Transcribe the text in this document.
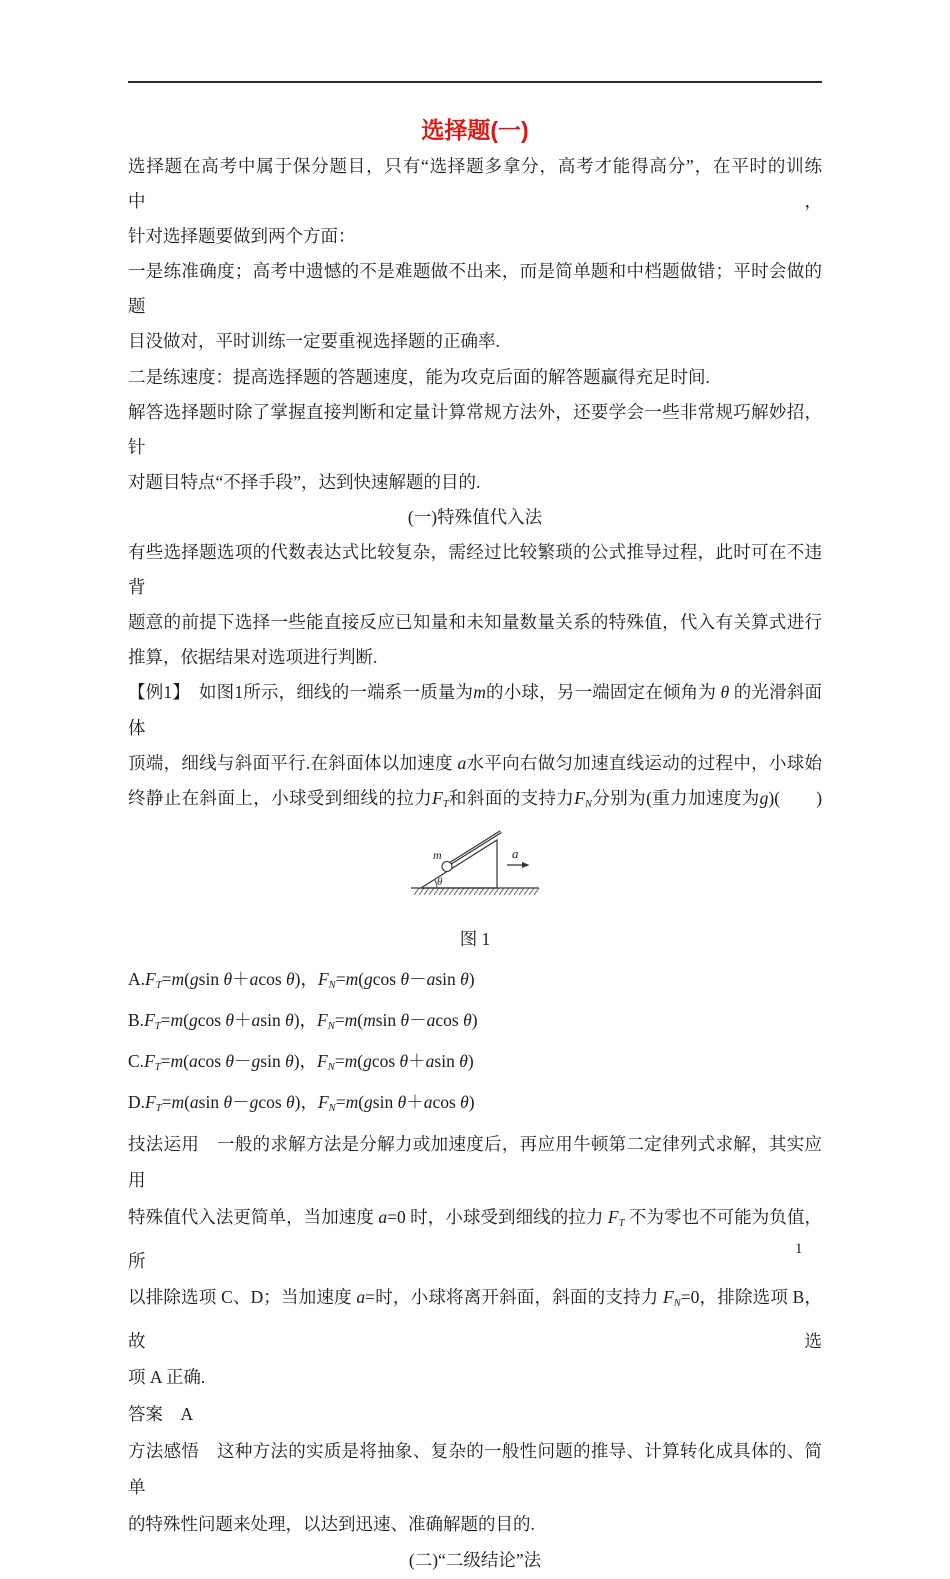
选择题(一)
选择题在高考中属于保分题目，只有“选择题多拿分，高考才能得高分”，在平时的训练中，
针对选择题要做到两个方面：
一是练准确度；高考中遗憾的不是难题做不出来，而是简单题和中档题做错；平时会做的题
目没做对，平时训练一定要重视选择题的正确率.
二是练速度：提高选择题的答题速度，能为攻克后面的解答题赢得充足时间.
解答选择题时除了掌握直接判断和定量计算常规方法外，还要学会一些非常规巧解妙招，针
对题目特点“不择手段”，达到快速解题的目的.
(一)特殊值代入法
有些选择题选项的代数表达式比较复杂，需经过比较繁琐的公式推导过程，此时可在不违背
题意的前提下选择一些能直接反应已知量和未知量数量关系的特殊值，代入有关算式进行
推算，依据结果对选项进行判断.
【例1】　如图1所示，细线的一端系一质量为m的小球，另一端固定在倾角为 θ 的光滑斜面体
顶端，细线与斜面平行.在斜面体以加速度 a水平向右做匀加速直线运动的过程中，小球始
终静止在斜面上，小球受到细线的拉力FT和斜面的支持力FN分别为(重力加速度为g)(　　)
m
θ
a
图 1
A.FT=m(gsin θ＋acos θ)，FN=m(gcos θ－asin θ)
B.FT=m(gcos θ＋asin θ)，FN=m(msin θ－acos θ)
C.FT=m(acos θ－gsin θ)，FN=m(gcos θ＋asin θ)
D.FT=m(asin θ－gcos θ)，FN=m(gsin θ＋acos θ)
技法运用　一般的求解方法是分解力或加速度后，再应用牛顿第二定律列式求解，其实应用
特殊值代入法更简单，当加速度 a=0 时，小球受到细线的拉力 FT 不为零也不可能为负值，所
以排除选项 C、D；当加速度 a=时，小球将离开斜面，斜面的支持力 FN=0，排除选项 B，故选
项 A 正确.
答案　A
方法感悟　这种方法的实质是将抽象、复杂的一般性问题的推导、计算转化成具体的、简单
的特殊性问题来处理，以达到迅速、准确解题的目的.
(二)“二级结论”法
1
